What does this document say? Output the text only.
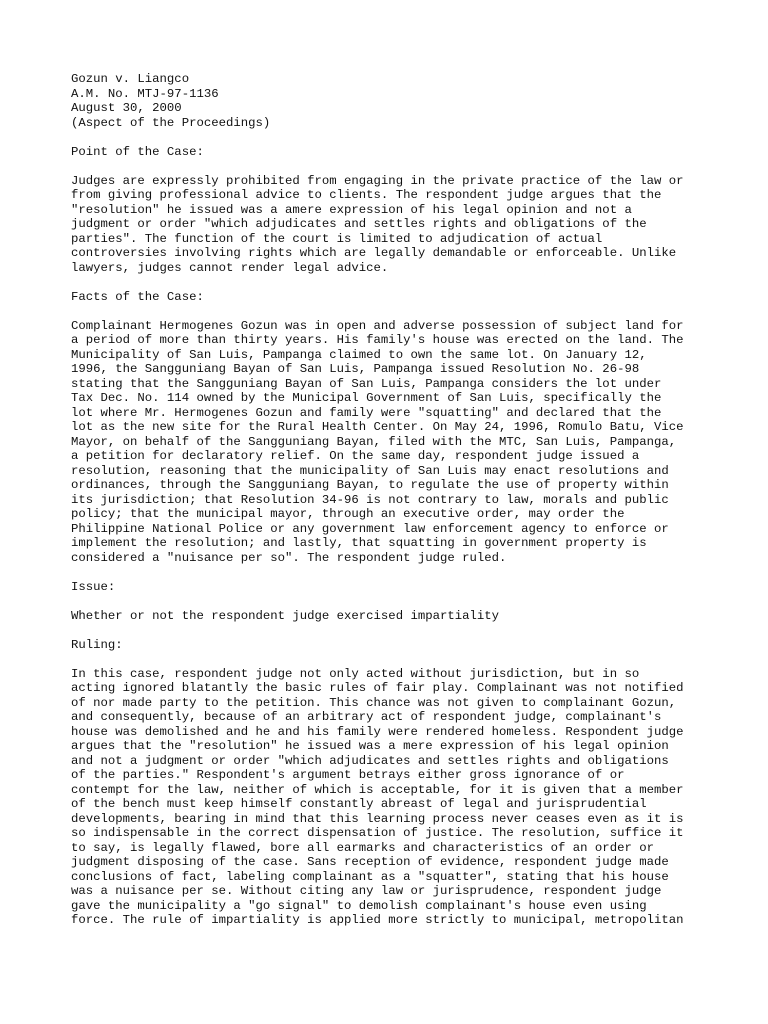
Gozun v. Liangco
A.M. No. MTJ-97-1136
August 30, 2000
(Aspect of the Proceedings)
Point of the Case:
Judges are expressly prohibited from engaging in the private practice of the law or
from giving professional advice to clients. The respondent judge argues that the
"resolution" he issued was a amere expression of his legal opinion and not a
judgment or order "which adjudicates and settles rights and obligations of the
parties". The function of the court is limited to adjudication of actual
controversies involving rights which are legally demandable or enforceable. Unlike
lawyers, judges cannot render legal advice.
Facts of the Case:
Complainant Hermogenes Gozun was in open and adverse possession of subject land for
a period of more than thirty years. His family's house was erected on the land. The
Municipality of San Luis, Pampanga claimed to own the same lot. On January 12,
1996, the Sangguniang Bayan of San Luis, Pampanga issued Resolution No. 26-98
stating that the Sangguniang Bayan of San Luis, Pampanga considers the lot under
Tax Dec. No. 114 owned by the Municipal Government of San Luis, specifically the
lot where Mr. Hermogenes Gozun and family were "squatting" and declared that the
lot as the new site for the Rural Health Center. On May 24, 1996, Romulo Batu, Vice
Mayor, on behalf of the Sangguniang Bayan, filed with the MTC, San Luis, Pampanga,
a petition for declaratory relief. On the same day, respondent judge issued a
resolution, reasoning that the municipality of San Luis may enact resolutions and
ordinances, through the Sangguniang Bayan, to regulate the use of property within
its jurisdiction; that Resolution 34-96 is not contrary to law, morals and public
policy; that the municipal mayor, through an executive order, may order the
Philippine National Police or any government law enforcement agency to enforce or
implement the resolution; and lastly, that squatting in government property is
considered a "nuisance per so". The respondent judge ruled.
Issue:
Whether or not the respondent judge exercised impartiality
Ruling:
In this case, respondent judge not only acted without jurisdiction, but in so
acting ignored blatantly the basic rules of fair play. Complainant was not notified
of nor made party to the petition. This chance was not given to complainant Gozun,
and consequently, because of an arbitrary act of respondent judge, complainant's
house was demolished and he and his family were rendered homeless. Respondent judge
argues that the "resolution" he issued was a mere expression of his legal opinion
and not a judgment or order "which adjudicates and settles rights and obligations
of the parties." Respondent's argument betrays either gross ignorance of or
contempt for the law, neither of which is acceptable, for it is given that a member
of the bench must keep himself constantly abreast of legal and jurisprudential
developments, bearing in mind that this learning process never ceases even as it is
so indispensable in the correct dispensation of justice. The resolution, suffice it
to say, is legally flawed, bore all earmarks and characteristics of an order or
judgment disposing of the case. Sans reception of evidence, respondent judge made
conclusions of fact, labeling complainant as a "squatter", stating that his house
was a nuisance per se. Without citing any law or jurisprudence, respondent judge
gave the municipality a "go signal" to demolish complainant's house even using
force. The rule of impartiality is applied more strictly to municipal, metropolitan
